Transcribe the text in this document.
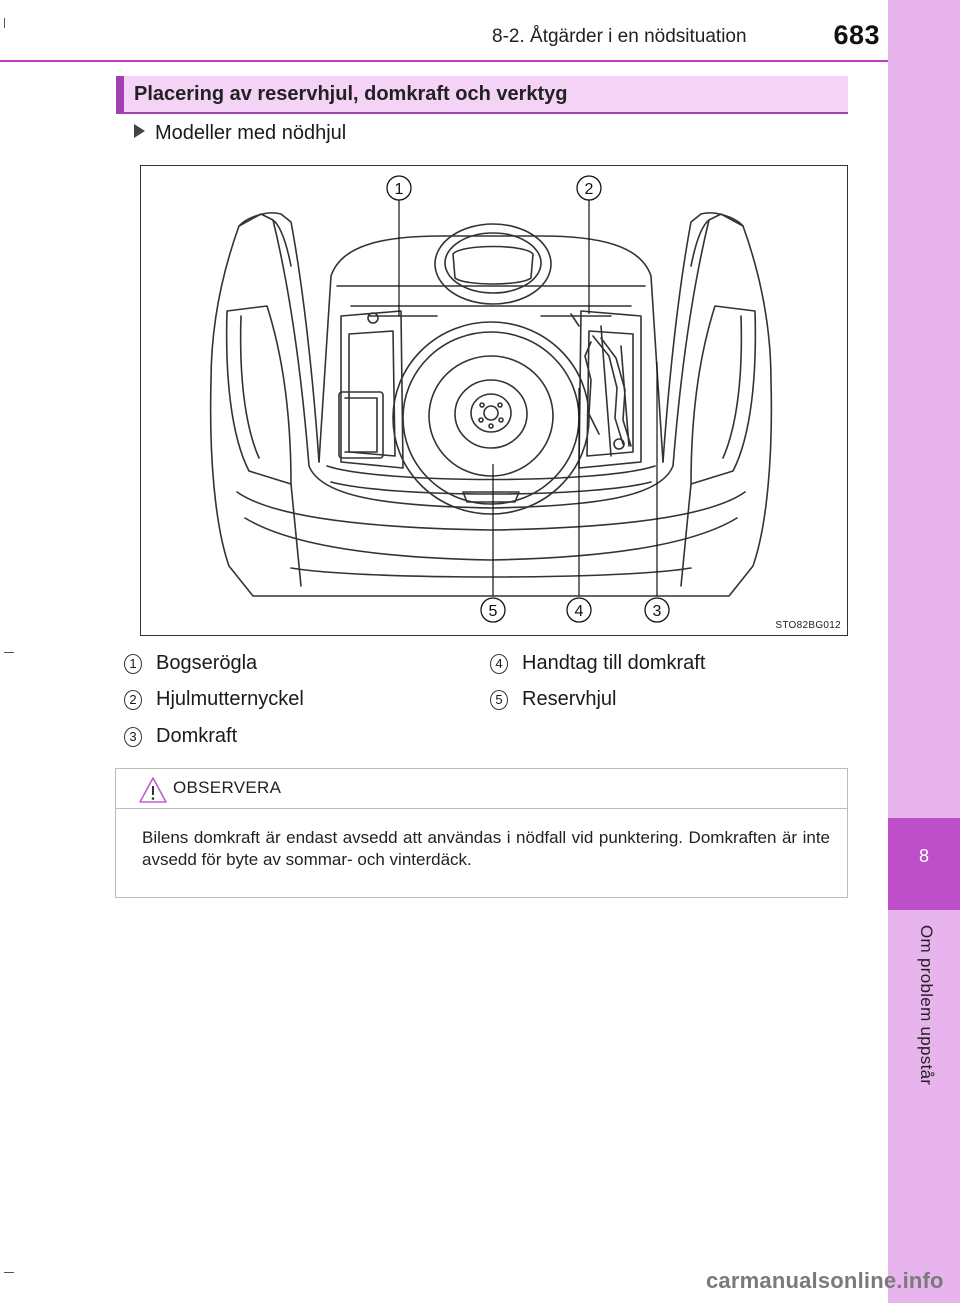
8-2. Åtgärder i en nödsituation	683
8
Om problem uppstår
Placering av reservhjul, domkraft och verktyg
Modeller med nödhjul
1	2
3
4
5
STO82BG012
1 Bogserögla
2 Hjulmutternyckel
3 Domkraft
4 Handtag till domkraft
5 Reservhjul
OBSERVERA
Bilens domkraft är endast avsedd att användas i nödfall vid punktering. Domkraften är inte avsedd för byte av sommar- och vinterdäck.
carmanualsonline.info
